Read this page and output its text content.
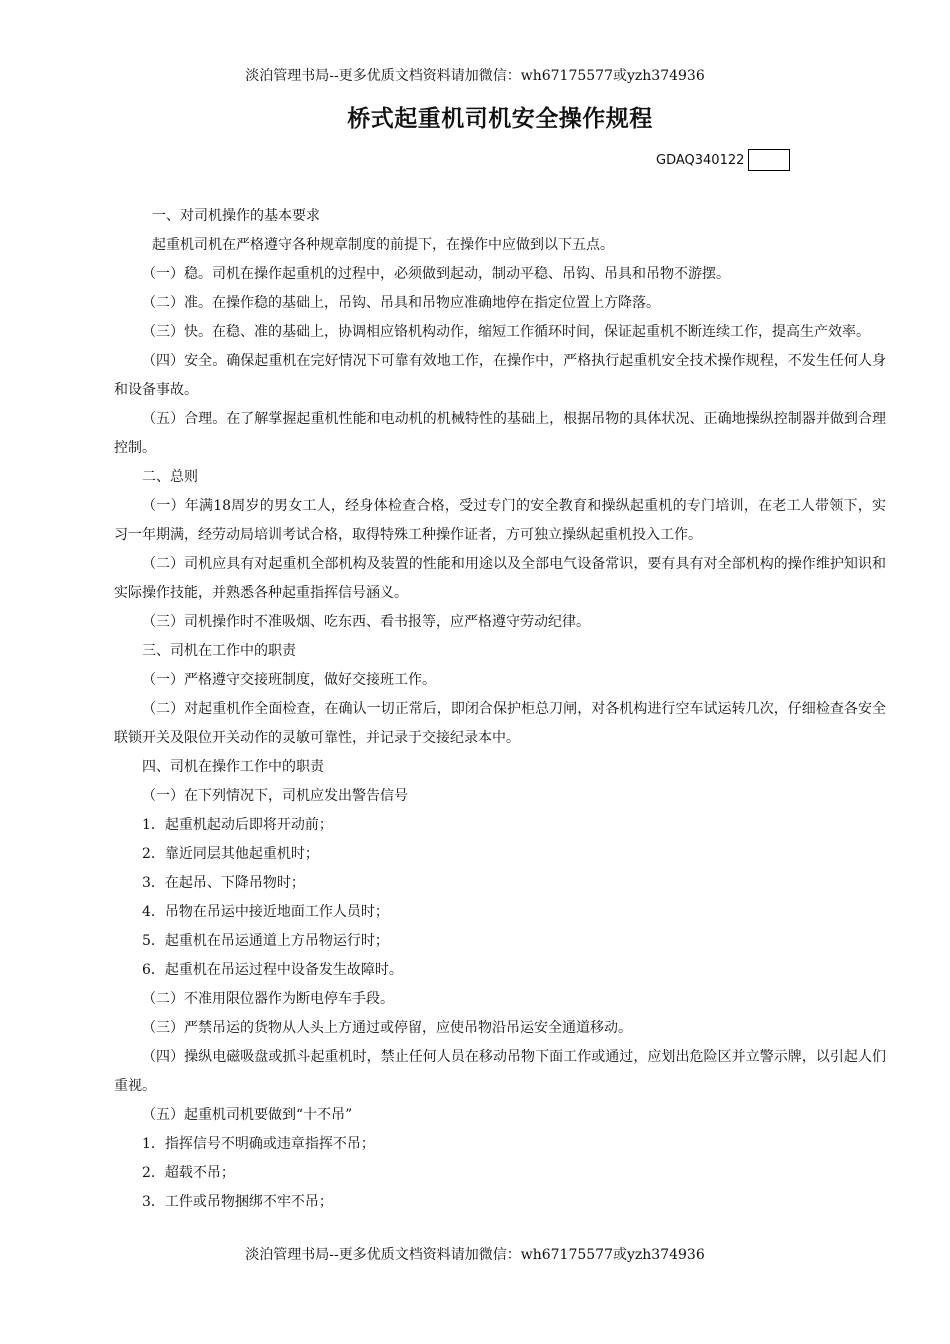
淡泊管理书局--更多优质文档资料请加微信：wh67175577或yzh374936
桥式起重机司机安全操作规程
GDAQ340122

一、对司机操作的基本要求

起重机司机在严格遵守各种规章制度的前提下，在操作中应做到以下五点。

（一）稳。司机在操作起重机的过程中，必须做到起动，制动平稳、吊钩、吊具和吊物不游摆。

（二）准。在操作稳的基础上，吊钩、吊具和吊物应准确地停在指定位置上方降落。

（三）快。在稳、准的基础上，协调相应铬机构动作，缩短工作循环时间，保证起重机不断连续工作，提高生产效率。

（四）安全。确保起重机在完好情况下可靠有效地工作，在操作中，严格执行起重机安全技术操作规程，不发生任何人身和设备事故。

（五）合理。在了解掌握起重机性能和电动机的机械特性的基础上，根据吊物的具体状况、正确地操纵控制器并做到合理控制。

二、总则

（一）年满18周岁的男女工人，经身体检查合格，受过专门的安全教育和操纵起重机的专门培训，在老工人带领下，实习一年期满，经劳动局培训考试合格，取得特殊工种操作证者，方可独立操纵起重机投入工作。

（二）司机应具有对起重机全部机构及装置的性能和用途以及全部电气设备常识，要有具有对全部机构的操作维护知识和实际操作技能，并熟悉各种起重指挥信号涵义。

（三）司机操作时不准吸烟、吃东西、看书报等，应严格遵守劳动纪律。

三、司机在工作中的职责

（一）严格遵守交接班制度，做好交接班工作。

（二）对起重机作全面检查，在确认一切正常后，即闭合保护柜总刀闸，对各机构进行空车试运转几次，仔细检查各安全联锁开关及限位开关动作的灵敏可靠性，并记录于交接纪录本中。

四、司机在操作工作中的职责

（一）在下列情况下，司机应发出警告信号

1．起重机起动后即将开动前；

2．靠近同层其他起重机时；

3．在起吊、下降吊物时；

4．吊物在吊运中接近地面工作人员时；

5．起重机在吊运通道上方吊物运行时；

6．起重机在吊运过程中设备发生故障时。

（二）不准用限位器作为断电停车手段。

（三）严禁吊运的货物从人头上方通过或停留，应使吊物沿吊运安全通道移动。

（四）操纵电磁吸盘或抓斗起重机时，禁止任何人员在移动吊物下面工作或通过，应划出危险区并立警示牌，以引起人们重视。

（五）起重机司机要做到“十不吊”

1．指挥信号不明确或违章指挥不吊；

2．超载不吊；

3．工件或吊物捆绑不牢不吊；

淡泊管理书局--更多优质文档资料请加微信：wh67175577或yzh374936
